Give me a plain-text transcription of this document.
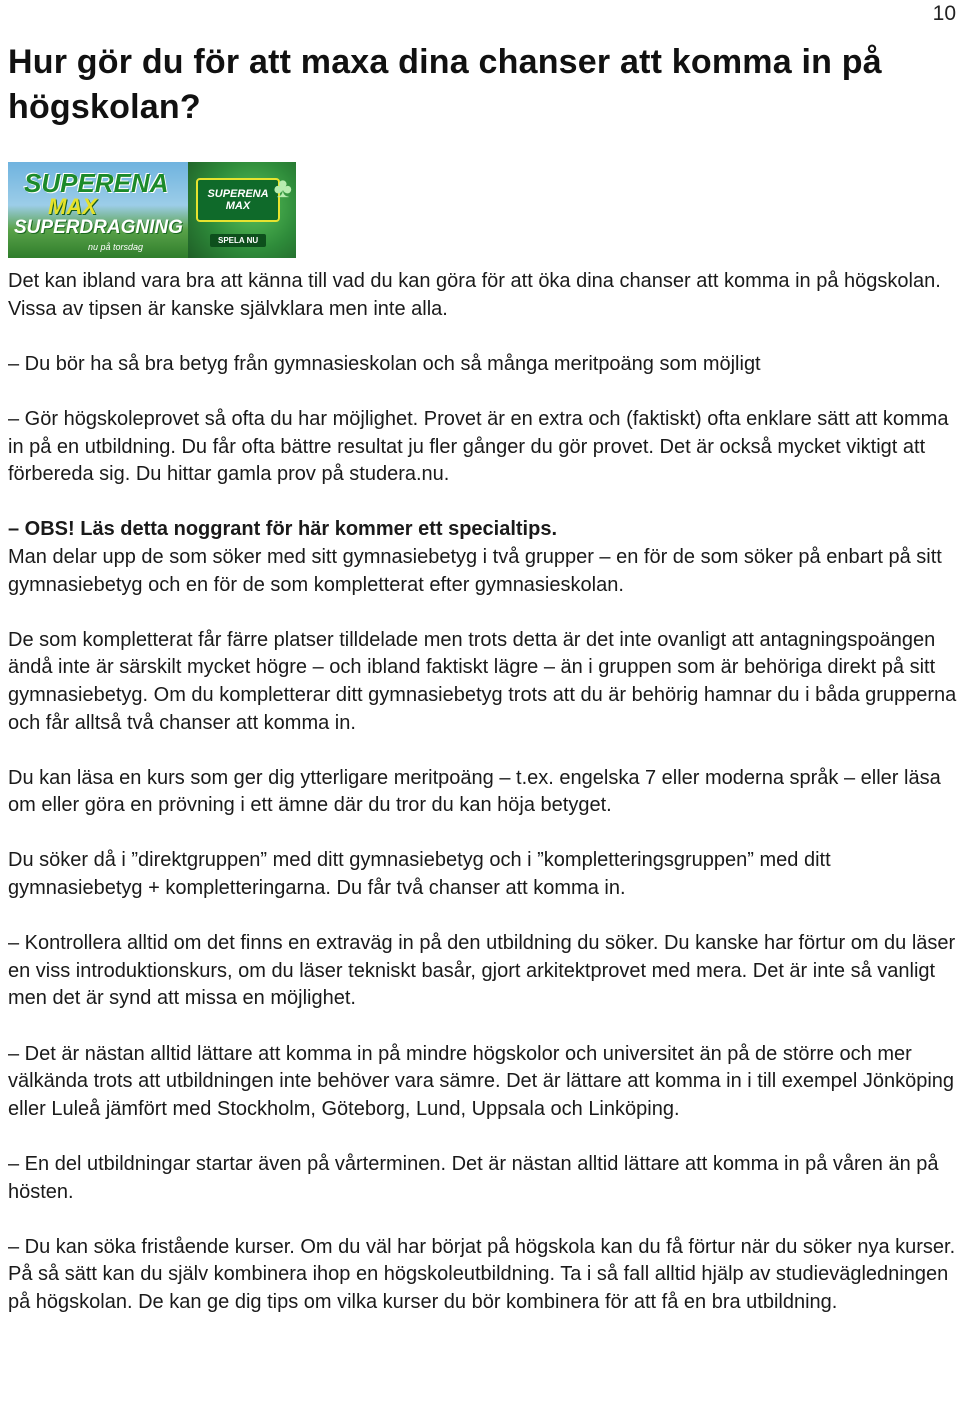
10
Hur gör du för att maxa dina chanser att komma in på högskolan?
SUPERENA
MAX
SUPERDRAGNING
nu på torsdag
SUPERENA MAX
♣
SPELA NU

Det kan ibland vara bra att känna till vad du kan göra för att öka dina chanser att komma in på högskolan. Vissa av tipsen är kanske självklara men inte alla.

– Du bör ha så bra betyg från gymnasieskolan och så många meritpoäng som möjligt

– Gör högskoleprovet så ofta du har möjlighet. Provet är en extra och (faktiskt) ofta enklare sätt att komma in på en utbildning. Du får ofta bättre resultat ju fler gånger du gör provet. Det är också mycket viktigt att förbereda sig. Du hittar gamla prov på studera.nu.

– OBS! Läs detta noggrant för här kommer ett specialtips.

Man delar upp de som söker med sitt gymnasiebetyg i två grupper – en för de som söker på enbart på sitt gymnasiebetyg och en för de som kompletterat efter gymnasieskolan.

De som kompletterat får färre platser tilldelade men trots detta är det inte ovanligt att antagningspoängen ändå inte är särskilt mycket högre – och ibland faktiskt lägre – än i gruppen som är behöriga direkt på sitt gymnasiebetyg. Om du kompletterar ditt gymnasiebetyg trots att du är behörig hamnar du i båda grupperna och får alltså två chanser att komma in.

Du kan läsa en kurs som ger dig ytterligare meritpoäng – t.ex. engelska 7 eller moderna språk – eller läsa om eller göra en prövning i ett ämne där du tror du kan höja betyget.

Du söker då i ”direktgruppen” med ditt gymnasiebetyg och i ”kompletteringsgruppen” med ditt gymnasiebetyg + kompletteringarna. Du får två chanser att komma in.

– Kontrollera alltid om det finns en extraväg in på den utbildning du söker. Du kanske har förtur om du läser en viss introduktionskurs, om du läser tekniskt basår, gjort arkitektprovet med mera. Det är inte så vanligt men det är synd att missa en möjlighet.

– Det är nästan alltid lättare att komma in på mindre högskolor och universitet än på de större och mer välkända trots att utbildningen inte behöver vara sämre. Det är lättare att komma in i till exempel Jönköping eller Luleå jämfört med Stockholm, Göteborg, Lund, Uppsala och Linköping.

– En del utbildningar startar även på vårterminen. Det är nästan alltid lättare att komma in på våren än på hösten.

– Du kan söka fristående kurser. Om du väl har börjat på högskola kan du få förtur när du söker nya kurser. På så sätt kan du själv kombinera ihop en högskoleutbildning. Ta i så fall alltid hjälp av studievägledningen på högskolan. De kan ge dig tips om vilka kurser du bör kombinera för att få en bra utbildning.
